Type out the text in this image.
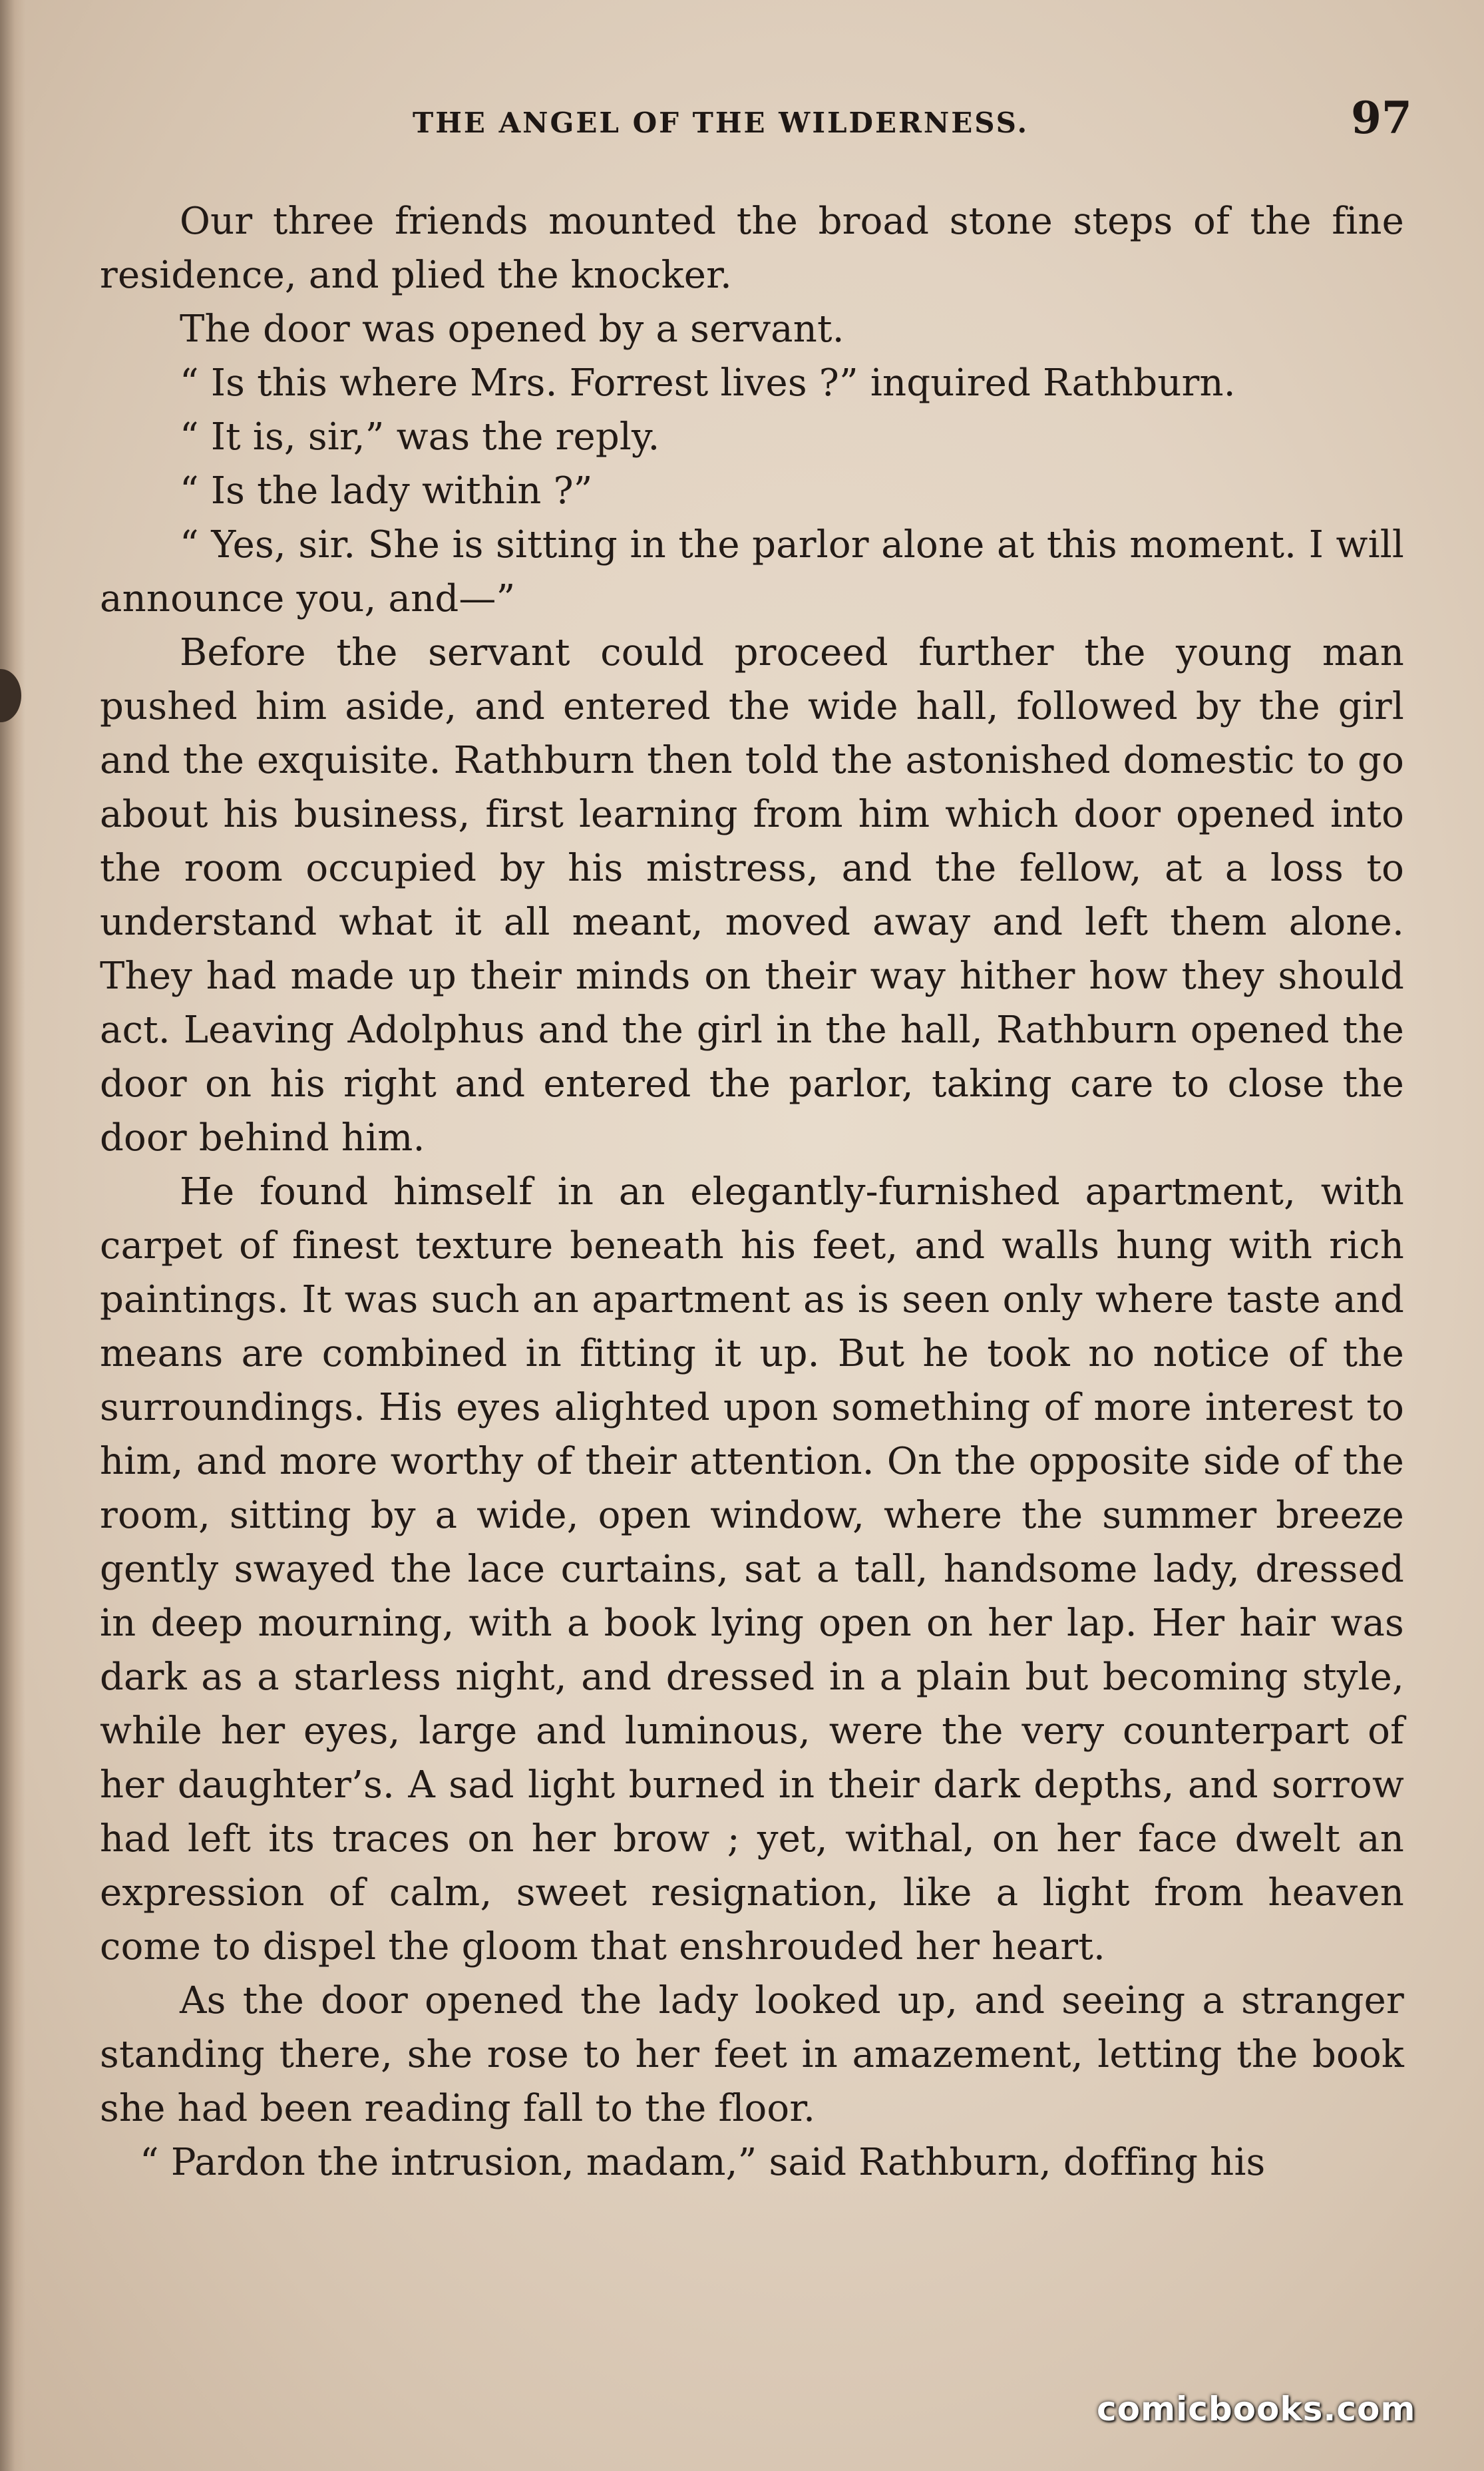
THE ANGEL OF THE WILDERNESS.	97

Our three friends mounted the broad stone steps of the fine residence, and plied the knocker.

The door was opened by a servant.

“ Is this where Mrs. Forrest lives ?” inquired Rathburn.

“ It is, sir,” was the reply.

“ Is the lady within ?”

“ Yes, sir. She is sitting in the parlor alone at this moment. I will announce you, and—”

Before the servant could proceed further the young man pushed him aside, and entered the wide hall, followed by the girl and the exquisite. Rathburn then told the astonished domestic to go about his business, first learning from him which door opened into the room occupied by his mistress, and the fellow, at a loss to understand what it all meant, moved away and left them alone. They had made up their minds on their way hither how they should act. Leaving Adolphus and the girl in the hall, Rathburn opened the door on his right and entered the parlor, taking care to close the door behind him.

He found himself in an elegantly-furnished apartment, with carpet of finest texture beneath his feet, and walls hung with rich paintings. It was such an apartment as is seen only where taste and means are combined in fitting it up. But he took no notice of the surroundings. His eyes alighted upon something of more interest to him, and more worthy of their attention. On the opposite side of the room, sitting by a wide, open window, where the summer breeze gently swayed the lace curtains, sat a tall, handsome lady, dressed in deep mourning, with a book lying open on her lap. Her hair was dark as a starless night, and dressed in a plain but becoming style, while her eyes, large and luminous, were the very counterpart of her daughter’s. A sad light burned in their dark depths, and sorrow had left its traces on her brow ; yet, withal, on her face dwelt an expression of calm, sweet resignation, like a light from heaven come to dispel the gloom that enshrouded her heart.

As the door opened the lady looked up, and seeing a stranger standing there, she rose to her feet in amazement, letting the book she had been reading fall to the floor.

“ Pardon the intrusion, madam,” said Rathburn, doffing his

comicbooks.com
